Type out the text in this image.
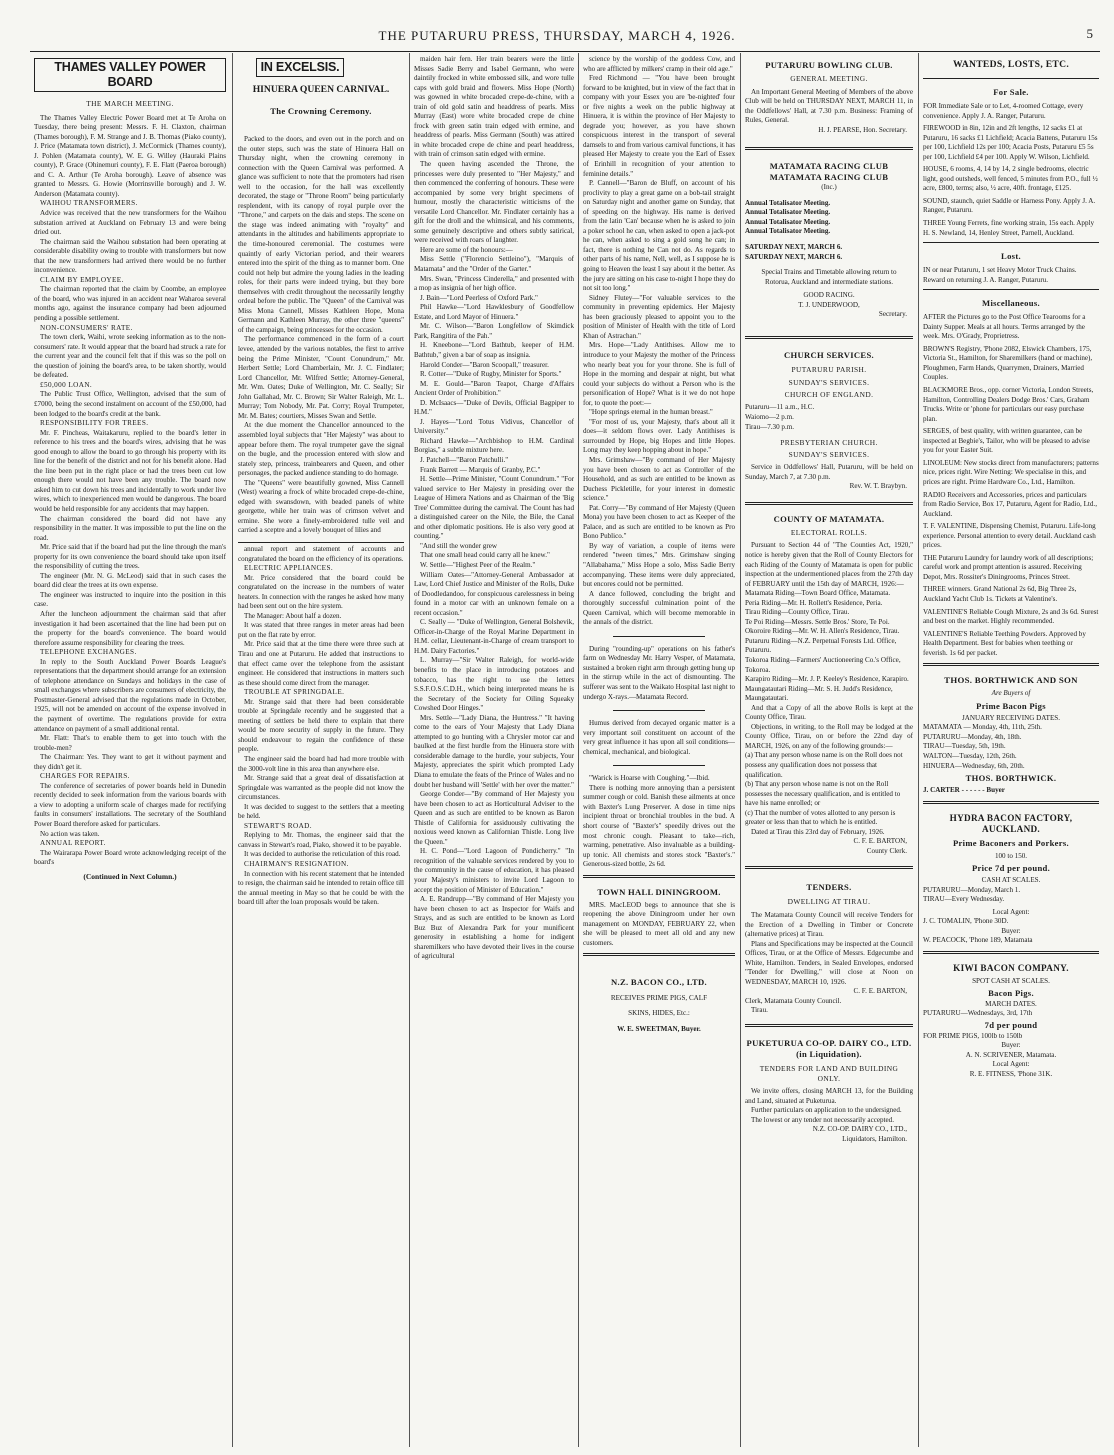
THE PUTARURU PRESS, THURSDAY, MARCH 4, 1926.	5
THAMES VALLEY POWER BOARD
THE MARCH MEETING.

The Thames Valley Electric Power Board met at Te Aroha on Tuesday, there being present: Messrs. F. H. Claxton, chairman (Thames borough), F. M. Strange and J. B. Thomas (Piako county), J. Price (Matamata town district), J. McCormick (Thames county), J. Pohlen (Matamata county), W. E. G. Willey (Hauraki Plains county), P. Grace (Ohinemuri county), F. E. Flatt (Paeroa borough) and C. A. Arthur (Te Aroha borough). Leave of absence was granted to Messrs. G. Howie (Morrinsville borough) and J. W. Anderson (Matamata county).

WAIHOU TRANSFORMERS.

Advice was received that the new transformers for the Waihou substation arrived at Auckland on February 13 and were being dried out.

The chairman said the Waihou substation had been operating at considerable disability owing to trouble with transformers but now that the new transformers had arrived there would be no further inconvenience.

CLAIM BY EMPLOYEE.

The chairman reported that the claim by Coombe, an employee of the board, who was injured in an accident near Waharoa several months ago, against the insurance company had been adjourned pending a possible settlement.

NON-CONSUMERS' RATE.

The town clerk, Waihi, wrote seeking information as to the non-consumers' rate. It would appear that the board had struck a rate for the current year and the council felt that if this was so the poll on the question of joining the board's area, to be taken shortly, would be defeated.

£50,000 LOAN.

The Public Trust Office, Wellington, advised that the sum of £7000, being the second instalment on account of the £50,000, had been lodged to the board's credit at the bank.

RESPONSIBILITY FOR TREES.

Mr. F. Pincheas, Waitakaruru, replied to the board's letter in reference to his trees and the board's wires, advising that he was good enough to allow the board to go through his property with its line for the benefit of the district and not for his benefit alone. Had the line been put in the right place or had the trees been cut low enough there would not have been any trouble. The board now asked him to cut down his trees and incidentally to work under live wires, which to inexperienced men would be dangerous. The board would be held responsible for any accidents that may happen.

The chairman considered the board did not have any responsibility in the matter. It was impossible to put the line on the road.

Mr. Price said that if the board had put the line through the man's property for its own convenience the board should take upon itself the responsibility of cutting the trees.

The engineer (Mr. N. G. McLeod) said that in such cases the board did clear the trees at its own expense.

The engineer was instructed to inquire into the position in this case.

After the luncheon adjournment the chairman said that after investigation it had been ascertained that the line had been put on the property for the board's convenience. The board would therefore assume responsibility for clearing the trees.

TELEPHONE EXCHANGES.

In reply to the South Auckland Power Boards League's representations that the department should arrange for an extension of telephone attendance on Sundays and holidays in the case of small exchanges where subscribers are consumers of electricity, the Postmaster-General advised that the regulations made in October, 1925, will not be amended on account of the expense involved in the payment of overtime. The regulations provide for extra attendance on payment of a small additional rental.

Mr. Flatt: That's to enable them to get into touch with the trouble-men?

The Chairman: Yes. They want to get it without payment and they didn't get it.

CHARGES FOR REPAIRS.

The conference of secretaries of power boards held in Dunedin recently decided to seek information from the various boards with a view to adopting a uniform scale of charges made for rectifying faults in consumers' installations. The secretary of the Southland Power Board therefore asked for particulars.

No action was taken.

ANNUAL REPORT.

The Wairarapa Power Board wrote acknowledging receipt of the board's

(Continued in Next Column.)
IN EXCELSIS.
HINUERA QUEEN CARNIVAL.
The Crowning Ceremony.

Packed to the doors, and even out in the porch and on the outer steps, such was the state of Hinuera Hall on Thursday night, when the crowning ceremony in connection with the Queen Carnival was performed. A glance was sufficient to note that the promoters had risen well to the occasion, for the hall was excellently decorated, the stage or "Throne Room" being particularly resplendent, with its canopy of royal purple over the "Throne," and carpets on the dais and steps. The scene on the stage was indeed animating with "royalty" and attendants in the altitudes and habiliments appropriate to the time-honoured ceremonial. The costumes were quaintly of early Victorian period, and their wearers entered into the spirit of the thing as to manner born. One could not help but admire the young ladies in the leading roles, for their parts were indeed trying, but they bore themselves with credit throughout the necessarily lengthy ordeal before the public. The "Queen" of the Carnival was Miss Mona Cannell, Misses Kathleen Hope, Mona Germann and Kathleen Murray, the other three "queens" of the campaign, being princesses for the occasion.

The performance commenced in the form of a court levee, attended by the various notables, the first to arrive being the Prime Minister, "Count Conundrum," Mr. Herbert Settle; Lord Chamberlain, Mr. J. C. Findlater; Lord Chancellor, Mr. Wilfred Settle; Attorney-General, Mr. Wm. Oates; Duke of Wellington, Mr. C. Seally; Sir John Gallahad, Mr. C. Brown; Sir Walter Raleigh, Mr. L. Murray; Tom Nobody, Mr. Pat. Corry; Royal Trumpeter, Mr. M. Bates; courtiers, Misses Swan and Settle.

At the due moment the Chancellor announced to the assembled loyal subjects that "Her Majesty" was about to appear before them. The royal trumpeter gave the signal on the bugle, and the procession entered with slow and stately step, princess, trainbearers and Queen, and other personages, the packed audience standing to do homage.

The "Queens" were beautifully gowned, Miss Cannell (West) wearing a frock of white brocaded crepe-de-chine, edged with swansdown, with beaded panels of white georgette, while her train was of crimson velvet and ermine. She wore a finely-embroidered tulle veil and carried a sceptre and a lovely bouquet of lilies and

annual report and statement of accounts and congratulated the board on the efficiency of its operations.

ELECTRIC APPLIANCES.

Mr. Price considered that the board could be congratulated on the increase in the numbers of water heaters. In connection with the ranges he asked how many had been sent out on the hire system.

The Manager: About half a dozen.

It was stated that three ranges in meter areas had been put on the flat rate by error.

Mr. Price said that at the time there were three such at Tirau and one at Putaruru. He added that instructions to that effect came over the telephone from the assistant engineer. He considered that instructions in matters such as these should come direct from the manager.

TROUBLE AT SPRINGDALE.

Mr. Strange said that there had been considerable trouble at Springdale recently and he suggested that a meeting of settlers be held there to explain that there would be more security of supply in the future. They should endeavour to regain the confidence of these people.

The engineer said the board had had more trouble with the 3000-volt line in this area than anywhere else.

Mr. Strange said that a great deal of dissatisfaction at Springdale was warranted as the people did not know the circumstances.

It was decided to suggest to the settlers that a meeting be held.

STEWART'S ROAD.

Replying to Mr. Thomas, the engineer said that the canvass in Stewart's road, Piako, showed it to be payable.

It was decided to authorise the reticulation of this road.

CHAIRMAN'S RESIGNATION.

In connection with his recent statement that he intended to resign, the chairman said he intended to retain office till the annual meeting in May so that he could be with the board till after the loan proposals would be taken.

maiden hair fern. Her train bearers were the little Misses Sadie Berry and Isabel Germann, who were daintily frocked in white embossed silk, and wore tulle caps with gold braid and flowers. Miss Hope (North) was gowned in white brocaded crepe-de-chine, with a train of old gold satin and headdress of pearls. Miss Murray (East) wore white brocaded crepe de chine frock with green satin train edged with ermine, and headdress of pearls. Miss Germann (South) was attired in white brocaded crepe de chine and pearl headdress, with train of crimson satin edged with ermine.

The queen having ascended the Throne, the princesses were duly presented to "Her Majesty," and then commenced the conferring of honours. These were accompanied by some very bright specimens of humour, mostly the characteristic witticisms of the versatile Lord Chancellor. Mr. Findlater certainly has a gift for the droll and the whimsical, and his comments, some genuinely descriptive and others subtly satirical, were received with roars of laughter.

Here are some of the honours:—

Miss Settle ("Florencio Settleino"), "Marquis of Matamata" and the "Order of the Garter."

Mrs. Swan, "Princess Cinderella," and presented with a mop as insignia of her high office.

J. Bain—"Lord Peerless of Oxford Park."

Phil Hawke—"Lord Hawklesbury of Goodfellow Estate, and Lord Mayor of Hinuera."

Mr. C. Wilson—"Baron Longfellow of Skimdick Park, Rangitira of the Pah."

H. Kneebone—"Lord Bathtub, keeper of H.M. Bathtub," given a bar of soap as insignia.

Harold Conder—"Baron Scoopall," treasurer.

R. Cotter—"Duke of Rugby, Minister for Sports."

M. E. Gould—"Baron Teapot, Charge d'Affairs Ancient Order of Prohibition."

D. McIsaacs—"Duke of Devils, Official Bagpiper to H.M."

J. Hayes—"Lord Totus Vidivus, Chancellor of University."

Richard Hawke—"Archbishop to H.M. Cardinal Borgias," a subtle mixture here.

J. Patchell—"Baron Patchulli."

Frank Barrett — Marquis of Granby, P.C."

H. Settle—Prime Minister, "Count Conundrum." "For valued service to Her Majesty in presiding over the League of Himera Nations and as Chairman of the 'Big Tree' Committee during the carnival. The Count has had a distinguished career on the Nile, the Bile, the Canal and other diplomatic positions. He is also very good at counting."

"And still the wonder grew

That one small head could carry all he knew."

W. Settle—"Highest Peer of the Realm."

William Oates—"Attorney-General Ambassador at Law, Lord Chief Justice and Minister of the Rolls, Duke of Doodledandoo, for conspicuous carelessness in being found in a motor car with an unknown female on a recent occasion."

C. Seally — "Duke of Wellington, General Bolshevik, Officer-in-Charge of the Royal Marine Department in H.M. cellar, Lieutenant-in-Charge of cream transport to H.M. Dairy Factories."

L. Murray—"Sir Walter Raleigh, for world-wide benefits to the place in introducing potatoes and tobacco, has the right to use the letters S.S.F.O.S.C.D.H., which being interpreted means he is the Secretary of the Society for Oiling Squeaky Cowshed Door Hinges."

Mrs. Settle—"Lady Diana, the Huntress." "It having come to the ears of Your Majesty that Lady Diana attempted to go hunting with a Chrysler motor car and baulked at the first hurdle from the Hinuera store with considerable damage to the hurdle, your subjects, Your Majesty, appreciates the spirit which prompted Lady Diana to emulate the feats of the Prince of Wales and no doubt her husband will 'Settle' with her over the matter."

George Conder—"By command of Her Majesty you have been chosen to act as Horticultural Adviser to the Queen and as such are entitled to be known as Baron Thistle of California for assiduously cultivating the noxious weed known as Californian Thistle. Long live the Queen."

H. C. Pond—"Lord Lagoon of Pondicherry." "In recognition of the valuable services rendered by you to the community in the cause of education, it has pleased your Majesty's ministers to invite Lord Lagoon to accept the position of Minister of Education."

A. E. Randrupp—"By command of Her Majesty you have been chosen to act as Inspector for Waifs and Strays, and as such are entitled to be known as Lord Buz Buz of Alexandra Park for your munificent generosity in establishing a home for indigent sharemilkers who have devoted their lives in the course of agricultural

science by the worship of the goddess Cow, and who are afflicted by milkers' cramp in their old age."

Fred Richmond — "You have been brought forward to be knighted, but in view of the fact that in company with your Essex you are 'be-nighted' four or five nights a week on the public highway at Hinuera, it is within the province of Her Majesty to degrade you; however, as you have shown conspicuous interest in the transport of several damsels to and from various carnival functions, it has pleased Her Majesty to create you the Earl of Essex of Erinhill in recognition of your attention to feminine details."

P. Cannell—"Baron de Bluff, on account of his proclivity to play a great game on a bob-tail straight on Saturday night and another game on Sunday, that of speeding on the highway. His name is derived from the latin 'Can' because when he is asked to join a poker school he can, when asked to open a jack-pot he can, when asked to sing a gold song he can; in fact, there is nothing he Can not do. As regards to other parts of his name, Nell, well, as I suppose he is going to Heaven the least I say about it the better. As the jury are sitting on his case to-night I hope they do not sit too long."

Sidney Flutey—"For valuable services to the community in preventing epidemics. Her Majesty has been graciously pleased to appoint you to the position of Minister of Health with the title of Lord Khan of Astrachan."

Mrs. Hope—"Lady Antithises. Allow me to introduce to your Majesty the mother of the Princess who nearly beat you for your throne. She is full of Hope in the morning and despair at night, but what could your subjects do without a Person who is the personification of Hope? What is it we do not hope for, to quote the poet:—

"Hope springs eternal in the human breast."

"For most of us, your Majesty, that's about all it does—it seldom flows over. Lady Antithises is surrounded by Hope, big Hopes and little Hopes. Long may they keep hopping about in hope."

Mrs. Grimshaw—"By command of Her Majesty you have been chosen to act as Controller of the Household, and as such are entitled to be known as Duchess Pickletille, for your interest in domestic science."

Pat. Corry—"By command of Her Majesty (Queen Mona) you have been chosen to act as Keeper of the Palace, and as such are entitled to be known as Pro Bono Publico."

By way of variation, a couple of items were rendered "tween times," Mrs. Grimshaw singing "Allabahama," Miss Hope a solo, Miss Sadie Berry accompanying. These items were duly appreciated, but encores could not be permitted.

A dance followed, concluding the bright and thoroughly successful culmination point of the Queen Carnival, which will become memorable in the annals of the district.

During "rounding-up" operations on his father's farm on Wednesday Mr. Harry Vesper, of Matamata, sustained a broken right arm through getting hung up in the stirrup while in the act of dismounting. The sufferer was sent to the Waikato Hospital last night to undergo X-rays.—Matamata Record.

Humus derived from decayed organic matter is a very important soil constituent on account of the very great influence it has upon all soil conditions—chemical, mechanical, and biological.

"Warick is Hoarse with Coughing."—Ibid.

There is nothing more annoying than a persistent summer cough or cold. Banish these ailments at once with Baxter's Lung Preserver. A dose in time nips incipient throat or bronchial troubles in the bud. A short course of "Baxter's" speedily drives out the most chronic cough. Pleasant to take—rich, warming, penetrative. Also invaluable as a building-up tonic. All chemists and stores stock "Baxter's." Generous-sized bottle, 2s 6d.

TOWN HALL DININGROOM.

MRS. MacLEOD begs to announce that she is reopening the above Diningroom under her own management on MONDAY, FEBRUARY 22, when she will be pleased to meet all old and any new customers.

N.Z. BACON CO., LTD.
RECEIVES PRIME PIGS, CALF
SKINS, HIDES, Etc.:
W. E. SWEETMAN, Buyer.
PUTARURU BOWLING CLUB.
GENERAL MEETING.

An Important General Meeting of Members of the above Club will be held on THURSDAY NEXT, MARCH 11, in the Oddfellows' Hall, at 7.30 p.m. Business: Framing of Rules, General.

H. J. PEARSE, Hon. Secretary.
MATAMATA RACING CLUB
MATAMATA RACING CLUB
(Inc.)
Annual Totalisator Meeting.
Annual Totalisator Meeting.
Annual Totalisator Meeting.
Annual Totalisator Meeting.
SATURDAY NEXT, MARCH 6.
SATURDAY NEXT, MARCH 6.

Special Trains and Timetable allowing return to Rotorua, Auckland and intermediate stations.

GOOD RACING.
T. J. UNDERWOOD,
Secretary.
CHURCH SERVICES.
PUTARURU PARISH.
SUNDAY'S SERVICES.
CHURCH OF ENGLAND.
Putaruru—11 a.m., H.C.
Waiomo—2 p.m.
Tirau—7.30 p.m.
PRESBYTERIAN CHURCH.
SUNDAY'S SERVICES.

Service in Oddfellows' Hall, Putaruru, will be held on Sunday, March 7, at 7.30 p.m.

Rev. W. T. Braybyn.
COUNTY OF MATAMATA.
ELECTORAL ROLLS.

Pursuant to Section 44 of "The Counties Act, 1920," notice is hereby given that the Roll of County Electors for each Riding of the County of Matamata is open for public inspection at the undermentioned places from the 27th day of FEBRUARY until the 15th day of MARCH, 1926:—

Matamata Riding—Town Board Office, Matamata.
Peria Riding—Mr. H. Rollett's Residence, Peria.
Tirau Riding—County Office, Tirau.
Te Poi Riding—Messrs. Settle Bros.' Store, Te Poi.
Okoroire Riding—Mr. W. H. Allen's Residence, Tirau.
Putaruru Riding—N.Z. Perpetual Forests Ltd. Office, Putaruru.
Tokoroa Riding—Farmers' Auctioneering Co.'s Office, Tokoroa.
Karapiro Riding—Mr. J. P. Keeley's Residence, Karapiro.
Maungatautari Riding—Mr. S. H. Judd's Residence, Maungatautari.

And that a Copy of all the above Rolls is kept at the County Office, Tirau.

Objections, in writing, to the Roll may be lodged at the County Office, Tirau, on or before the 22nd day of MARCH, 1926, on any of the following grounds:—

(a) That any person whose name is on the Roll does not possess any qualification does not possess that qualification.
(b) That any person whose name is not on the Roll possesses the necessary qualification, and is entitled to have his name enrolled; or
(c) That the number of votes allotted to any person is greater or less than that to which he is entitled.

Dated at Tirau this 23rd day of February, 1926.

C. F. E. BARTON,
County Clerk.
TENDERS.
DWELLING AT TIRAU.

The Matamata County Council will receive Tenders for the Erection of a Dwelling in Timber or Concrete (alternative prices) at Tirau.

Plans and Specifications may be inspected at the Council Offices, Tirau, or at the Office of Messrs. Edgecumbe and White, Hamilton. Tenders, in Sealed Envelopes, endorsed "Tender for Dwelling," will close at Noon on WEDNESDAY, MARCH 10, 1926.

C. F. E. BARTON,
Clerk, Matamata County Council.
Tirau.
PUKETURUA CO-OP. DAIRY CO., LTD. (in Liquidation).
TENDERS FOR LAND AND BUILDING ONLY.

We invite offers, closing MARCH 13, for the Building and Land, situated at Puketurua.

Further particulars on application to the undersigned.

The lowest or any tender not necessarily accepted.

N.Z. CO-OP. DAIRY CO., LTD.,
Liquidators, Hamilton.
WANTEDS, LOSTS, ETC.
For Sale.
FOR Immediate Sale or to Let, 4-roomed Cottage, every convenience. Apply J. A. Ranger, Putaruru.
FIREWOOD in 8in, 12in and 2ft lengths, 12 sacks £1 at Putaruru, 16 sacks £1 Lichfield; Acacia Battens, Putaruru 15s per 100, Lichfield 12s per 100; Acacia Posts, Putaruru £5 5s per 100, Lichfield £4 per 100. Apply W. Wilson, Lichfield.
HOUSE, 6 rooms, 4, 14 by 14, 2 single bedrooms, electric light, good outsheds, well fenced, 5 minutes from P.O., full ½ acre, £800, terms; also, ½ acre, 40ft. frontage, £125.
SOUND, staunch, quiet Saddle or Harness Pony. Apply J. A. Ranger, Putaruru.
THREE Young Ferrets, fine working strain, 15s each. Apply H. S. Newland, 14, Henley Street, Parnell, Auckland.
Lost.
IN or near Putaruru, 1 set Heavy Motor Truck Chains. Reward on returning J. A. Ranger, Putaruru.
Miscellaneous.
AFTER the Pictures go to the Post Office Tearooms for a Dainty Supper. Meals at all hours. Terms arranged by the week. Mrs. O'Grady, Proprietress.
BROWN'S Registry, 'Phone 2082, Elswick Chambers, 175, Victoria St., Hamilton, for Sharemilkers (hand or machine), Ploughmen, Farm Hands, Quarrymen, Drainers, Married Couples.
BLACKMORE Bros., opp. corner Victoria, London Streets, Hamilton, Controlling Dealers Dodge Bros.' Cars, Graham Trucks. Write or 'phone for particulars our easy purchase plan.
SERGES, of best quality, with written guarantee, can be inspected at Begbie's, Tailor, who will be pleased to advise you for your Easter Suit.
LINOLEUM: New stocks direct from manufacturers; patterns nice, prices right. Wire Netting: We specialise in this, and prices are right. Prime Hardware Co., Ltd., Hamilton.
RADIO Receivers and Accessories, prices and particulars from Radio Service, Box 17, Putaruru, Agent for Radio, Ltd., Auckland.
T. F. VALENTINE, Dispensing Chemist, Putaruru. Life-long experience. Personal attention to every detail. Auckland cash prices.
THE Putaruru Laundry for laundry work of all descriptions; careful work and prompt attention is assured. Receiving Depot, Mrs. Rossiter's Diningrooms, Princes Street.
THREE winners. Grand National 2s 6d, Big Three 2s, Auckland Yacht Club 1s. Tickets at Valentine's.
VALENTINE'S Reliable Cough Mixture, 2s and 3s 6d. Surest and best on the market. Highly recommended.
VALENTINE'S Reliable Teething Powders. Approved by Health Department. Best for babies when teething or feverish. 1s 6d per packet.
THOS. BORTHWICK AND SON
Are Buyers of
Prime Bacon Pigs
JANUARY RECEIVING DATES.
MATAMATA — Monday, 4th, 11th, 25th.
PUTARURU—Monday, 4th, 18th.
TIRAU—Tuesday, 5th, 19th.
WALTON—Tuesday, 12th, 26th.
HINUERA—Wednesday, 6th, 20th.
THOS. BORTHWICK.
J. CARTER - - - - - - Buyer
HYDRA BACON FACTORY, AUCKLAND.
Prime Baconers and Porkers.
100 to 150.
Price 7d per pound.
CASH AT SCALES.
PUTARURU—Monday, March 1.
TIRAU—Every Wednesday.
Local Agent:
J. C. TOMALIN, 'Phone 30D.
Buyer:
W. PEACOCK, 'Phone 189, Matamata
KIWI BACON COMPANY.
SPOT CASH AT SCALES.
Bacon Pigs.
MARCH DATES.
PUTARURU—Wednesdays, 3rd, 17th
7d per pound
FOR PRIME PIGS, 100lb to 150lb
Buyer:
A. N. SCRIVENER, Matamata.
Local Agent:
R. E. FITNESS, 'Phone 31K.
